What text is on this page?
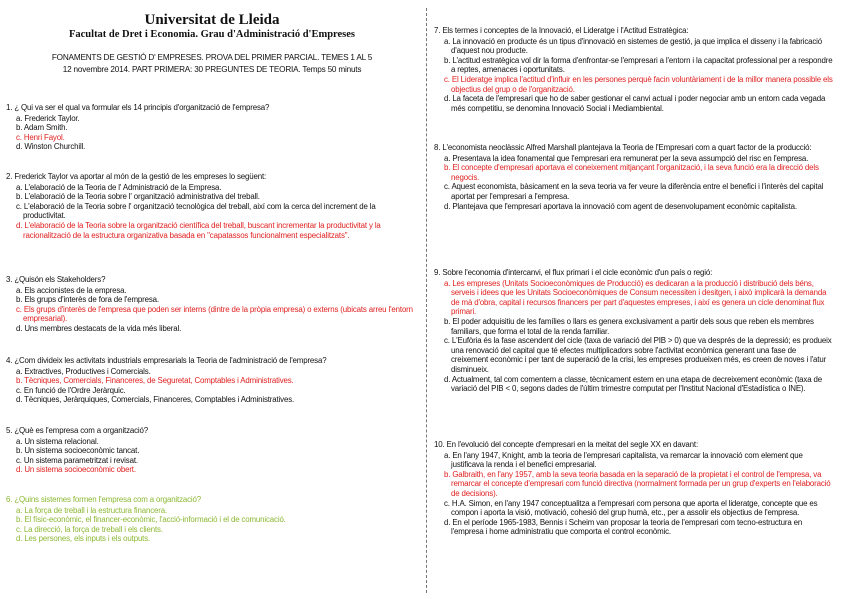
Universitat de Lleida
Facultat de Dret i Economia. Grau d'Administració d'Empreses
FONAMENTS DE GESTIÓ D' EMPRESES. PROVA DEL PRIMER PARCIAL. TEMES 1 AL 5
12 novembre 2014. PART PRIMERA: 30 PREGUNTES DE TEORIA. Temps 50 minuts
1. ¿ Qui va ser el qual va formular els 14 principis d'organització de l'empresa?
a. Frederick Taylor.
b. Adam Smith.
c. Henri Fayol.
d. Winston Churchill.
2. Frederick Taylor va aportar al món de la gestió de les empreses lo següent:
a. L'elaboració de la Teoria de l' Administració de la Empresa.
b. L'elaboració de la Teoria sobre l' organització administrativa del treball.
c. L'elaboració de la Teoria sobre l' organització tecnològica del treball, així com la cerca del increment de la productivitat.
d. L'elaboració de la Teoria sobre la organització científica del treball, buscant incrementar la productivitat y la racionalització de la estructura organizativa basada en "capatassos funcionalment especialitzats".
3. ¿Quisón els Stakeholders?
a. Els accionistes de la empresa.
b. Els grups d'interès de fora de l'empresa.
c. Els grups d'interès de l'empresa que poden ser interns (dintre de la pròpia empresa) o externs (ubicats arreu l'entorn empresarial).
d. Uns membres destacats de la vida més liberal.
4. ¿Com divideix les activitats industrials empresarials la Teoria de l'administració de l'empresa?
a. Extractives, Productives i Comercials.
b. Tècniques, Comercials, Financeres, de Seguretat, Comptables i Administratives.
c. En funció de l'Ordre Jeràrquic.
d. Tècniques, Jeràrquiques, Comercials, Financeres, Comptables i Administratives.
5. ¿Què es l'empresa com a organització?
a. Un sistema relacional.
b. Un sistema socioeconòmic tancat.
c. Un sistema parametritzat i revisat.
d. Un sistema socioeconòmic obert.
6. ¿Quins sistemes formen l'empresa com a organització?
a. La força de treball i la estructura financera.
b. El físic-econòmic, el financer-econòmic, l'acció-informació i el de comunicació.
c. La direcció, la força de treball i els clients.
d. Les persones, els inputs i els outputs.
7. Els termes i conceptes de la Innovació, el Lideratge i l'Actitud Estratègica:
a. La innovació en producte és un tipus d'innovació en sistemes de gestió, ja que implica el disseny i la fabricació d'aquest nou producte.
b. L'actitud estratègica vol dir la forma d'enfrontar-se l'empresari a l'entorn i la capacitat professional per a respondre a reptes, amenaces i oportunitats.
c. El Lideratge implica l'actitud d'influir en les persones perquè facin voluntàriament i de la millor manera possible els objectius del grup o de l'organització.
d. La faceta de l'empresari que ho de saber gestionar el canvi actual i poder negociar amb un entorn cada vegada més competitiu, se denomina Innovació Social i Mediambiental.
8. L'economista neoclàssic Alfred Marshall plantejava la Teoria de l'Empresari com a quart factor de la producció:
a. Presentava la idea fonamental que l'empresari era remunerat per la seva assumpció del risc en l'empresa.
b. El concepte d'empresari aportava el coneixement mitjançant l'organització, i la seva funció era la direcció dels negocis.
c. Aquest economista, bàsicament en la seva teoria va fer veure la diferència entre el benefici i l'interès del capital aportat per l'empresari a l'empresa.
d. Plantejava que l'empresari aportava la innovació com agent de desenvolupament econòmic capitalista.
9. Sobre l'economia d'intercanvi, el flux primari i el cicle econòmic d'un país o regió:
a. Les empreses (Unitats Socioeconòmiques de Producció) es dedicaran a la producció i distribució dels béns, serveis i idees que les Unitats Socioeconòmiques de Consum necessiten i desitgen, i això implicarà la demanda de mà d'obra, capital i recursos financers per part d'aquestes empreses, i així es genera un cicle denominat flux primari.
b. El poder adquisitiu de les famílies o llars es genera exclusivament a partir dels sous que reben els membres familiars, que forma el total de la renda familiar.
c. L'Eufòria és la fase ascendent del cicle (taxa de variació del PIB > 0) que va després de la depressió; es produeix una renovació del capital que té efectes multiplicadors sobre l'activitat econòmica generant una fase de creixement econòmic i per tant de superació de la crisi, les empreses produeixen més, es creen de noves i l'atur disminueix.
d. Actualment, tal com comentem a classe, tècnicament estem en una etapa de decreixement econòmic (taxa de variació del PIB < 0, segons dades de l'últim trimestre computat per l'Institut Nacional d'Estadística o INE).
10. En l'evolució del concepte d'empresari en la meitat del segle XX en davant:
a. En l'any 1947, Knight, amb la teoria de l'empresari capitalista, va remarcar la innovació com element que justificava la renda i el benefici empresarial.
b. Galbraith, en l'any 1957, amb la seva teoria basada en la separació de la propietat i el control de l'empresa, va remarcar el concepte d'empresari com funció directiva (normalment formada per un grup d'experts en l'elaboració de decisions).
c. H.A. Simon, en l'any 1947 conceptualitza a l'empresari com persona que aporta el lideratge, concepte que es compon i aporta la visió, motivació, cohesió del grup humà, etc., per a assolir els objectius de l'empresa.
d. En el període 1965-1983, Bennis i Scheim van proposar la teoria de l'empresari com tecno-estructura en l'empresa i home administratiu que comporta el control econòmic.
